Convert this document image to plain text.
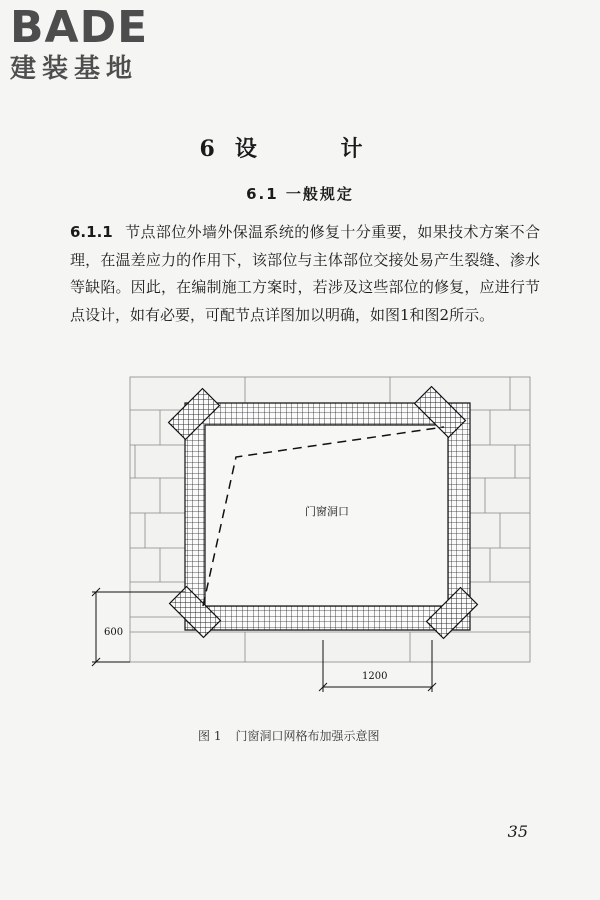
BADE
建装基地
6 设 计
6.1 一般规定
6.1.1 节点部位外墙外保温系统的修复十分重要，如果技术方案不合理，在温差应力的作用下，该部位与主体部位交接处易产生裂缝、渗水等缺陷。因此，在编制施工方案时，若涉及这些部位的修复，应进行节点设计，如有必要，可配节点详图加以明确，如图1和图2所示。
门窗洞口
600
1200
图 1 门窗洞口网格布加强示意图
35
